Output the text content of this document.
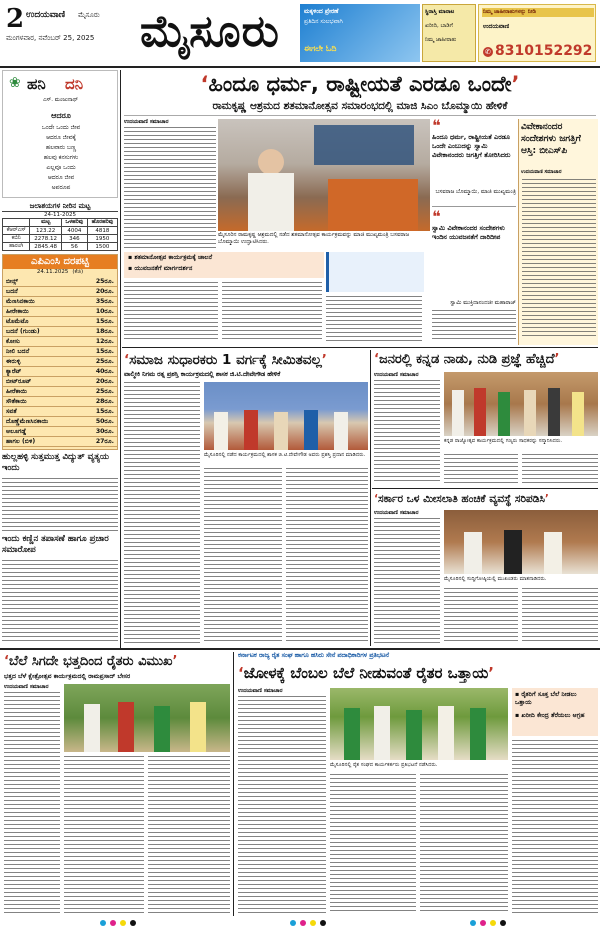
2 ಉದಯವಾಣಿ ಮೈಸೂರು
ಮಂಗಳವಾರ, ನವೆಂಬರ್ 25, 2025 ಮೈಸೂರು	ಮಕ್ಕಳಿಂದ ಪ್ರೇರಣೆ
ಪ್ರತಿದಿನ ಸುಲಭವಾಗಿ
ಈಗಲೇ ಓದಿ
ಸ್ಥಿರಾಸ್ತಿ ಮಾರಾಟ
ಖರೀದಿ, ಬಾಡಿಗೆ
ನಿಮ್ಮ ಜಾಹೀರಾತು
ನಿಮ್ಮ ಜಾಹೀರಾತುಗಳನ್ನು ನೀಡಿ
ಉದಯವಾಣಿ
✆ 8310152292
❀ ಹನಿ ದನಿ
ಎಸ್. ಮಂಜುನಾಥ್
ಆದರೂ
ಒಂದೇ ಒಂದು ಜೀವ
ಆದರೂ ಜೀವಕ್ಕೆ
ಹಲವಾರು ಬಣ್ಣ
ಹಲವು ಕನಸುಗಳು
ಎಲ್ಲವೂ ಒಂದು
ಆದರೂ ಜೀವ
ಅಪರೂಪ
ಜಲಾಶಯಗಳ ನೀರಿನ ಮಟ್ಟ
24-11-2025
	ಮಟ್ಟ	ಒಳಹರಿವು	ಹೊರಹರಿವು
ಕೆಆರ್‌ಎಸ್	123.22	4004	4818
ಕಬಿನಿ	2278.12	346	1950
ಹಾರಂಗಿ	2845.48	56	1500
ಎಪಿಎಂಸಿ ದರಪಟ್ಟಿ
24.11.2025 (ಕೆಜಿ)
ಬೀನ್ಸ್	25ರೂ.
ಬದನೆ	20ರೂ.
ಮೆಣಸಿನಕಾಯಿ	35ರೂ.
ಹೀರೇಕಾಯಿ	10ರೂ.
ಟೊಮೆಟೊ	15ರೂ.
ಬದನೆ (ಗುಂಡು)	18ರೂ.
ಕೋಸು	12ರೂ.
ನೀಲಿ ಬದನೆ	15ರೂ.
ಈರುಳ್ಳಿ	25ರೂ.
ಕ್ಯಾರೆಟ್	40ರೂ.
ಬೀಟ್‌ರೂಟ್	20ರೂ.
ಹೀರೆಕಾಯಿ	25ರೂ.
ಸೌತೆಕಾಯಿ	28ರೂ.
ಸವತೆ	15ರೂ.
ದೊಣ್ಣೆಮೆಣಸಿನಕಾಯಿ	50ರೂ.
ಆಲೂಗಡ್ಡೆ	30ರೂ.
ಹಾಗಲ (ಬಿಳಿ)	27ರೂ.
ಹುಲ್ಲಹಳ್ಳಿ ಸುತ್ತಮುತ್ತ ವಿದ್ಯುತ್ ವ್ಯತ್ಯಯ ಇಂದು
ಇಂದು ಕಣ್ಣಿನ ತಪಾಸಣೆ ಹಾಗೂ ಪ್ರಚಾರ ಸಮಾರೋಪ
‘ಹಿಂದೂ ಧರ್ಮ, ರಾಷ್ಟ್ರೀಯತೆ ಎರಡೂ ಒಂದೇ’
ರಾಮಕೃಷ್ಣ ಆಶ್ರಮದ ಶತಮಾನೋತ್ಸವ ಸಮಾರಂಭದಲ್ಲಿ ಮಾಜಿ ಸಿಎಂ ಬೊಮ್ಮಾಯಿ ಹೇಳಿಕೆ
ಉದಯವಾಣಿ ಸಮಾಚಾರ
ಮೈಸೂರಿನ ರಾಮಕೃಷ್ಣ ಆಶ್ರಮದಲ್ಲಿ ನಡೆದ ಶತಮಾನೋತ್ಸವ ಕಾರ್ಯಕ್ರಮವನ್ನು ಮಾಜಿ ಮುಖ್ಯಮಂತ್ರಿ ಬಸವರಾಜ ಬೊಮ್ಮಾಯಿ ಉದ್ಘಾಟಿಸಿದರು.
❝
ಹಿಂದೂ ಧರ್ಮ, ರಾಷ್ಟ್ರೀಯತೆ ಎರಡೂ ಒಂದೇ ಎಂಬುದನ್ನು ಸ್ವಾಮಿ ವಿವೇಕಾನಂದರು ಜಗತ್ತಿಗೆ ತೋರಿಸಿದರು
ಬಸವರಾಜ ಬೊಮ್ಮಾಯಿ, ಮಾಜಿ ಮುಖ್ಯಮಂತ್ರಿ
❝
ಸ್ವಾಮಿ ವಿವೇಕಾನಂದರ ಸಂದೇಶಗಳು ಇಂದಿನ ಯುವಜನತೆಗೆ ದಾರಿದೀಪ
▪ ಶತಮಾನೋತ್ಸವ ಕಾರ್ಯಕ್ರಮಕ್ಕೆ ಚಾಲನೆ
▪ ಯುವಜನತೆಗೆ ಮಾರ್ಗದರ್ಶನ
ಸ್ವಾಮಿ ಮುಕ್ತಿದಾನಂದಜೀ ಮಹಾರಾಜ್
ವಿವೇಕಾನಂದರ ಸಂದೇಶಗಳು ಜಗತ್ತಿಗೆ ಆಸ್ತಿ: ಬೀಎಸ್‌ಪಿ
ಉದಯವಾಣಿ ಸಮಾಚಾರ
‘ಸಮಾಜ ಸುಧಾರಕರು 1 ವರ್ಗಕ್ಕೆ ಸೀಮಿತವಲ್ಲ’
ವಾಲ್ಮೀಕಿ ನಿಗಮ ರತ್ನ ಪ್ರಶಸ್ತಿ ಕಾರ್ಯಕ್ರಮದಲ್ಲಿ ಶಾಸಕ ಜಿ.ಟಿ.ದೇವೇಗೌಡ ಹೇಳಿಕೆ
ಮೈಸೂರಿನಲ್ಲಿ ನಡೆದ ಕಾರ್ಯಕ್ರಮದಲ್ಲಿ ಶಾಸಕ ಜಿ.ಟಿ.ದೇವೇಗೌಡ ಅವರು ಪ್ರಶಸ್ತಿ ಪ್ರದಾನ ಮಾಡಿದರು.
‘ಜನರಲ್ಲಿ ಕನ್ನಡ ನಾಡು, ನುಡಿ ಪ್ರಜ್ಞೆ ಹೆಚ್ಚಿದೆ’
ಉದಯವಾಣಿ ಸಮಾಚಾರ
ಕನ್ನಡ ರಾಜ್ಯೋತ್ಸವ ಕಾರ್ಯಕ್ರಮದಲ್ಲಿ ಗಣ್ಯರು ಸಾಧಕರನ್ನು ಸನ್ಮಾನಿಸಿದರು.
‘ಸರ್ಕಾರ ಒಳ ಮೀಸಲಾತಿ ಹಂಚಿಕೆ ವ್ಯವಸ್ಥೆ ಸರಿಪಡಿಸಿ’
ಉದಯವಾಣಿ ಸಮಾಚಾರ
ಮೈಸೂರಿನಲ್ಲಿ ಸುದ್ದಿಗೋಷ್ಠಿಯಲ್ಲಿ ಮುಖಂಡರು ಮಾತನಾಡಿದರು.
‘ಬೆಲೆ ಸಿಗದೇ ಭತ್ತದಿಂದ ರೈತರು ವಿಮುಖ’
ಭತ್ತದ ಬೆಳೆ ಕ್ಷೇತ್ರೋತ್ಸವ ಕಾರ್ಯಕ್ರಮದಲ್ಲಿ ರಾಮಪ್ರಸಾದ್ ಬೇಸರ
ಉದಯವಾಣಿ ಸಮಾಚಾರ
ಕರ್ನಾಟಕ ರಾಜ್ಯ ರೈತ ಸಂಘ ಹಾಗೂ ಹಸಿರು ಸೇನೆ ಪದಾಧಿಕಾರಿಗಳ ಪ್ರತಿಭಟನೆ
‘ಜೋಳಕ್ಕೆ ಬೆಂಬಲ ಬೆಲೆ ನೀಡುವಂತೆ ರೈತರ ಒತ್ತಾಯ’
ಉದಯವಾಣಿ ಸಮಾಚಾರ
ಮೈಸೂರಿನಲ್ಲಿ ರೈತ ಸಂಘದ ಕಾರ್ಯಕರ್ತರು ಪ್ರತಿಭಟನೆ ನಡೆಸಿದರು.
▪ ರೈತರಿಗೆ ಸೂಕ್ತ ಬೆಲೆ ನೀಡಲು ಒತ್ತಾಯ
▪ ಖರೀದಿ ಕೇಂದ್ರ ತೆರೆಯಲು ಆಗ್ರಹ
